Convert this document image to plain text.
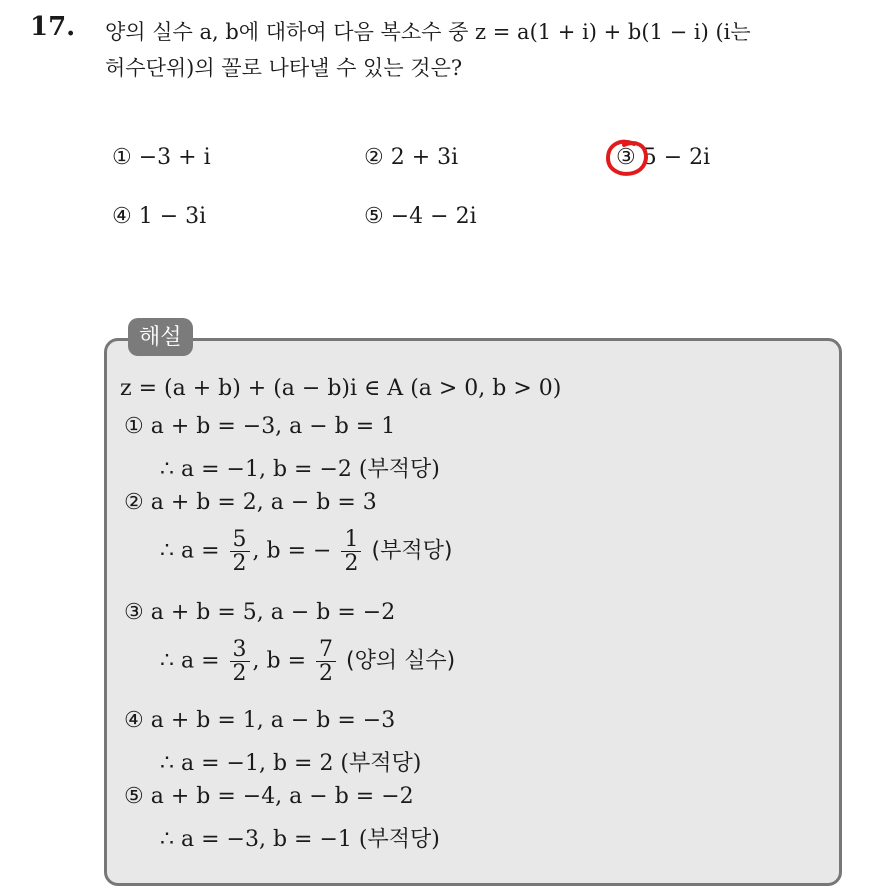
17. 양의 실수 a, b에 대하여 다음 복소수 중 z = a(1 + i) + b(1 − i) (i는
허수단위)의 꼴로 나타낼 수 있는 것은?
① −3 + i	② 2 + 3i	③ 5 − 2i
④ 1 − 3i	⑤ −4 − 2i
해설
z = (a + b) + (a − b)i ∈ A (a > 0, b > 0)
① a + b = −3, a − b = 1
∴ a = −1, b = −2 (부적당)
② a + b = 2, a − b = 3
∴ $a = \frac{5}{2}$ , b = − $\frac{1}{2}$ (부적당)
③ a + b = 5, a − b = −2
∴ $a = \frac{3}{2}$ , $b = \frac{7}{2}$ (양의 실수)
④ a + b = 1, a − b = −3
∴ a = −1, b = 2 (부적당)
⑤ a + b = −4, a − b = −2
∴ a = −3, b = −1 (부적당)
